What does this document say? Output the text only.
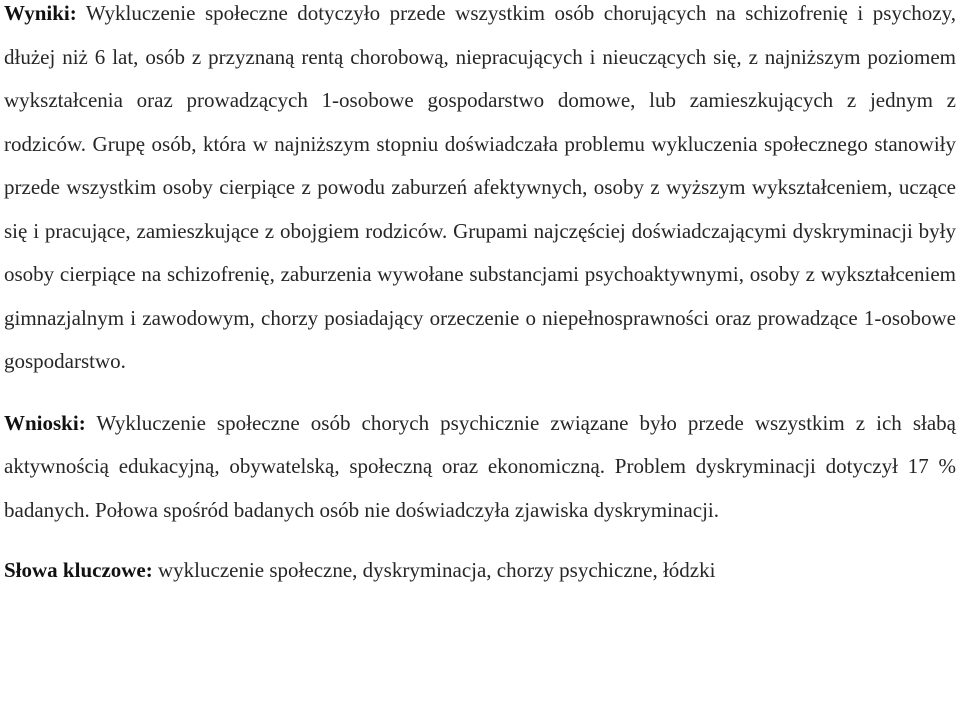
Wyniki: Wykluczenie społeczne dotyczyło przede wszystkim osób chorujących na schizofrenię i psychozy, dłużej niż 6 lat, osób z przyznaną rentą chorobową, niepracujących i nieuczących się, z najniższym poziomem wykształcenia oraz prowadzących 1-osobowe gospodarstwo domowe, lub zamieszkujących z jednym z rodziców. Grupę osób, która w najniższym stopniu doświadczała problemu wykluczenia społecznego stanowiły przede wszystkim osoby cierpiące z powodu zaburzeń afektywnych, osoby z wyższym wykształceniem, uczące się i pracujące, zamieszkujące z obojgiem rodziców. Grupami najczęściej doświadczającymi dyskryminacji były osoby cierpiące na schizofrenię, zaburzenia wywołane substancjami psychoaktywnymi, osoby z wykształceniem gimnazjalnym i zawodowym, chorzy posiadający orzeczenie o niepełnosprawności oraz prowadzące 1-osobowe gospodarstwo.

Wnioski: Wykluczenie społeczne osób chorych psychicznie związane było przede wszystkim z ich słabą aktywnością edukacyjną, obywatelską, społeczną oraz ekonomiczną. Problem dyskryminacji dotyczył 17 % badanych. Połowa spośród badanych osób nie doświadczyła zjawiska dyskryminacji.

Słowa kluczowe: wykluczenie społeczne, dyskryminacja, chorzy psychiczne, łódzki
